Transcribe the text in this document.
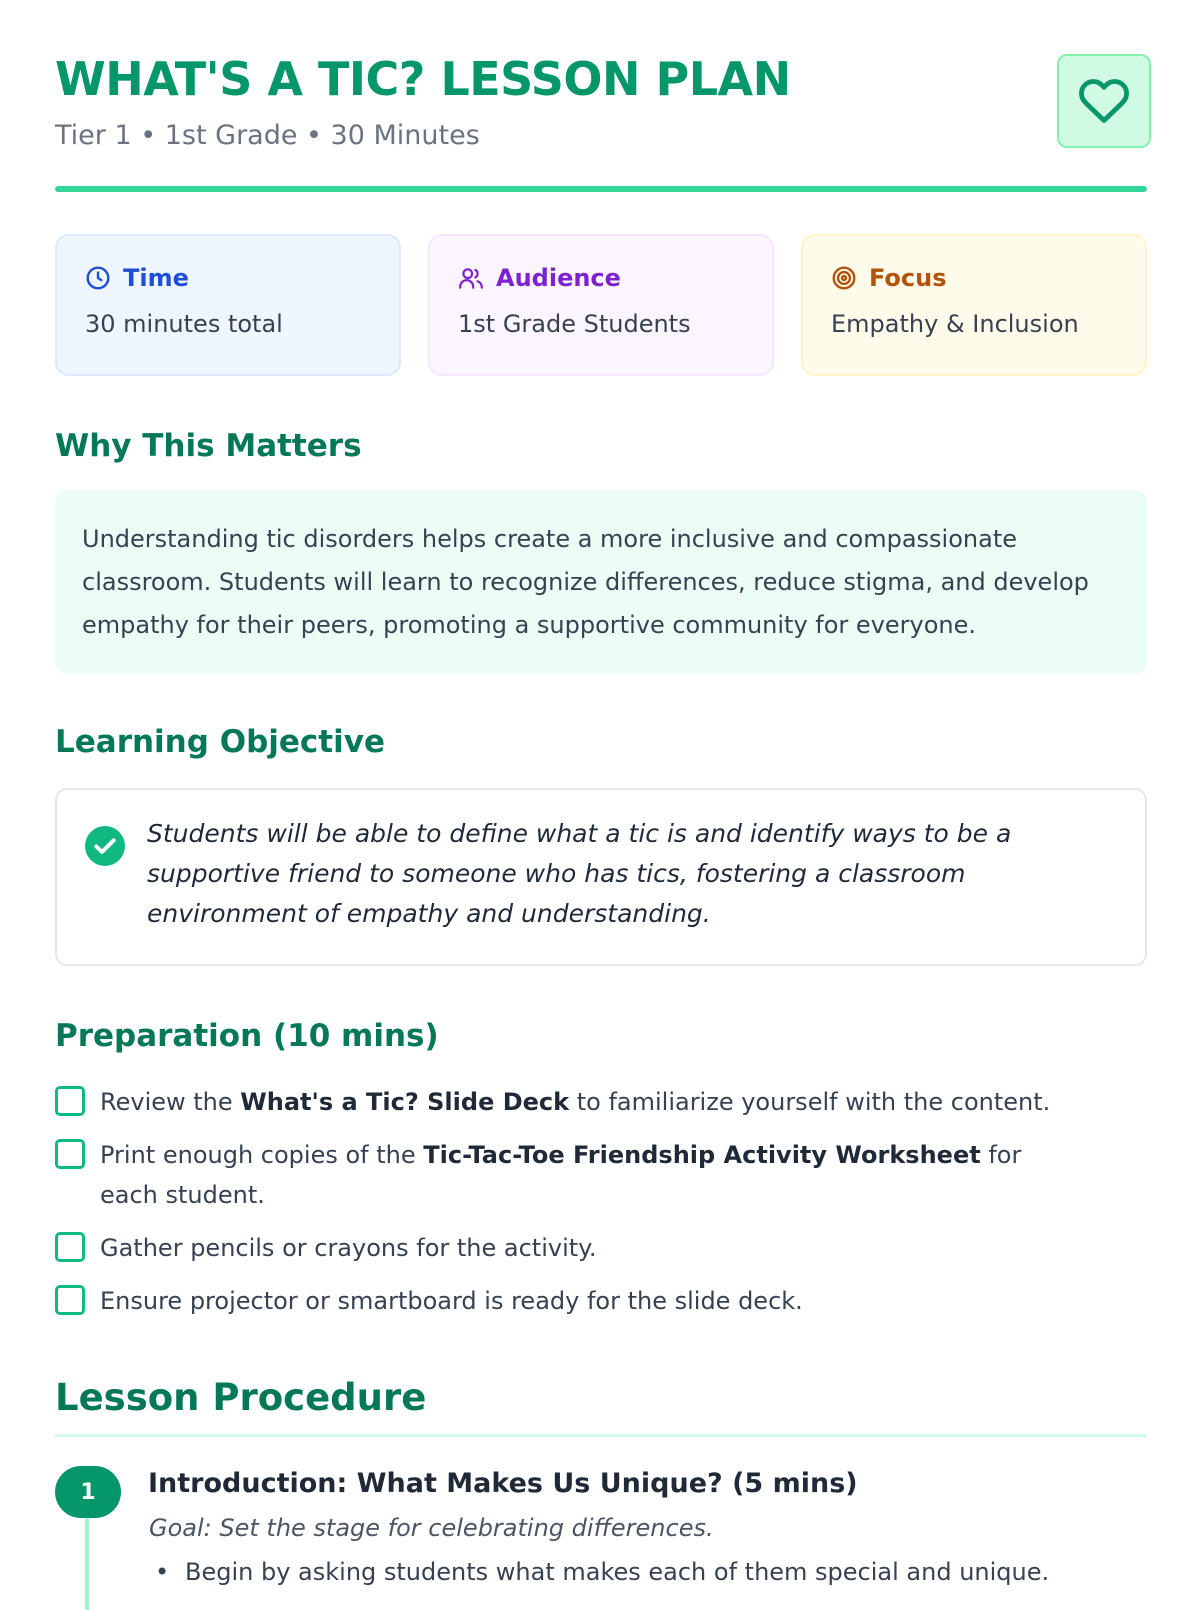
WHAT'S A TIC? LESSON PLAN
Tier 1 • 1st Grade • 30 Minutes
Time
30 minutes total
Audience
1st Grade Students
Focus
Empathy & Inclusion
Why This Matters
Understanding tic disorders helps create a more inclusive and compassionate classroom. Students will learn to recognize differences, reduce stigma, and develop empathy for their peers, promoting a supportive community for everyone.
Learning Objective
Students will be able to define what a tic is and identify ways to be a supportive friend to someone who has tics, fostering a classroom environment of empathy and understanding.
Preparation (10 mins)
Review the What's a Tic? Slide Deck to familiarize yourself with the content.
Print enough copies of the Tic-Tac-Toe Friendship Activity Worksheet for each student.
Gather pencils or crayons for the activity.
Ensure projector or smartboard is ready for the slide deck.
Lesson Procedure
1	Introduction: What Makes Us Unique? (5 mins)
Goal: Set the stage for celebrating differences.
• Begin by asking students what makes each of them special and unique.
